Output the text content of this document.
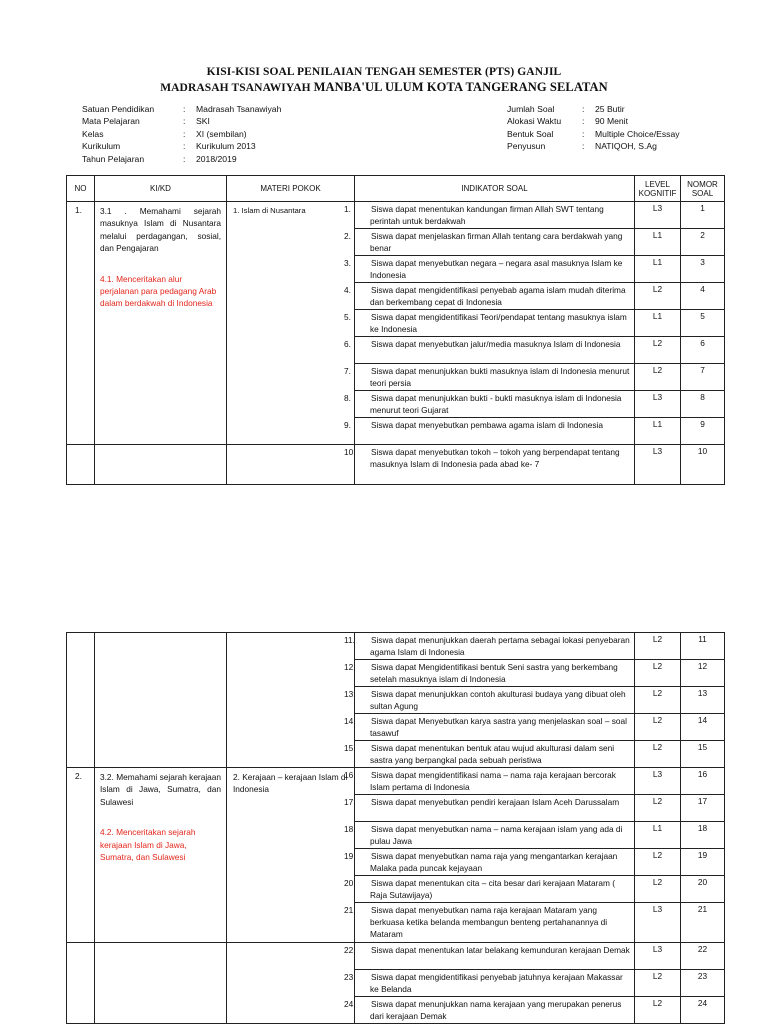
KISI-KISI SOAL PENILAIAN TENGAH SEMESTER (PTS) GANJIL
MADRASAH TSANAWIYAH MANBA'UL ULUM KOTA TANGERANG SELATAN
Satuan Pendidikan	: Madrasah Tsanawiyah
Mata Pelajaran	: SKI
Kelas	: XI (sembilan)
Kurikulum	: Kurikulum 2013
Tahun Pelajaran	: 2018/2019
Jumlah Soal	: 25 Butir
Alokasi Waktu : 90 Menit
Bentuk Soal	: Multiple Choice/Essay
Penyusun	: NATIQOH, S.Ag
NO	KI/KD	MATERI POKOK	INDIKATOR SOAL	LEVEL KOGNITIF	NOMOR SOAL
1.	3.1 . Memahami sejarah masuknya Islam di Nusantara melalui perdagangan, sosial, dan Pengajaran
4.1. Menceritakan alur perjalanan para pedagang Arab dalam berdakwah di Indonesia	1. Islam di Nusantara	1. Siswa dapat menentukan kandungan firman Allah SWT tentang perintah untuk berdakwah	L3	1

			2. Siswa dapat menjelaskan firman Allah tentang cara berdakwah yang benar	L1	2

			3. Siswa dapat menyebutkan negara – negara asal masuknya Islam ke Indonesia	L1	3

			4. Siswa dapat mengidentifikasi penyebab agama islam mudah diterima dan berkembang cepat di Indonesia	L2	4

			5. Siswa dapat mengidentifikasi Teori/pendapat tentang masuknya islam ke Indonesia	L1	5

			6. Siswa dapat menyebutkan jalur/media masuknya Islam di Indonesia	L2	6

			7. Siswa dapat menunjukkan bukti masuknya islam di Indonesia menurut teori persia	L2	7

			8. Siswa dapat menunjukkan bukti - bukti masuknya islam di Indonesia menurut teori Gujarat	L3	8

			9. Siswa dapat menyebutkan pembawa agama islam di Indonesia	L1	9

			10. Siswa dapat menyebutkan tokoh – tokoh yang berpendapat tentang masuknya Islam di Indonesia pada abad ke- 7	L3	10

			11. Siswa dapat menunjukkan daerah pertama sebagai lokasi penyebaran agama Islam di Indonesia	L2	11

			12. Siswa dapat Mengidentifikasi bentuk Seni sastra yang berkembang setelah masuknya islam di Indonesia	L2	12

			13. Siswa dapat menunjukkan contoh akulturasi budaya yang dibuat oleh sultan Agung	L2	13

			14. Siswa dapat Menyebutkan karya sastra yang menjelaskan soal – soal tasawuf	L2	14

			15. Siswa dapat menentukan bentuk atau wujud akulturasi dalam seni sastra yang berpangkal pada sebuah peristiwa	L2	15
2.	3.2. Memahami sejarah kerajaan Islam di Jawa, Sumatra, dan Sulawesi
4.2. Menceritakan sejarah kerajaan Islam di Jawa, Sumatra, dan Sulawesi	2. Kerajaan – kerajaan Islam di Indonesia	16. Siswa dapat mengidentifikasi nama – nama raja kerajaan bercorak Islam pertama di Indonesia	L3	16

			17. Siswa dapat menyebutkan pendiri kerajaan Islam Aceh Darussalam	L2	17

			18. Siswa dapat menyebutkan nama – nama kerajaan islam yang ada di pulau Jawa	L1	18

			19. Siswa dapat menyebutkan nama raja yang mengantarkan kerajaan Malaka pada puncak kejayaan	L2	19

			20. Siswa dapat menentukan cita – cita besar dari kerajaan Mataram ( Raja Sutawijaya)	L2	20

			21. Siswa dapat menyebutkan nama raja kerajaan Mataram yang berkuasa ketika belanda membangun benteng pertahanannya di Mataram	L3	21

			22. Siswa dapat menentukan latar belakang kemunduran kerajaan Demak	L3	22

			23. Siswa dapat mengidentifikasi penyebab jatuhnya kerajaan Makassar ke Belanda	L2	23

			24. Siswa dapat menunjukkan nama kerajaan yang merupakan penerus dari kerajaan Demak	L2	24
